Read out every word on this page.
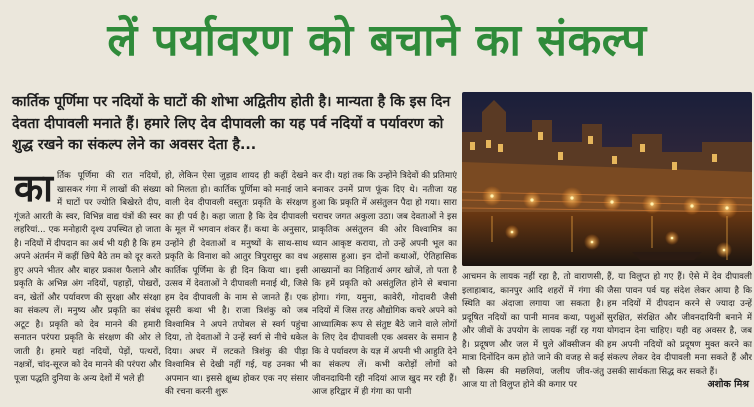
लें पर्यावरण को बचाने का संकल्प
कार्तिक पूर्णिमा पर नदियों के घाटों की शोभा अद्वितीय होती है। मान्यता है कि इस दिन देवता दीपावली मनाते हैं। हमारे लिए देव दीपावली का यह पर्व नदियों व पर्यावरण को शुद्ध रखने का संकल्प लेने का अवसर देता है...
का र्तिक पूर्णिमा की रात नदियों, खासकर गंगा में लाखों की संख्या में घाटों पर ज्योति बिखेरते दीप, गूंजते आरती के स्वर, विभिन्न वाद्य यंत्रों की स्वर लहरियां... एक मनोहारी दृश्य उपस्थित हो जाता है। नदियों में दीपदान का अर्थ भी यही है कि हम अपने अंतर्मन में कहीं छिपे बैठे तम को दूर करते हुए अपने भीतर और बाहर प्रकाश फैलाने और प्रकृति के अभिन्न अंग नदियों, पहाड़ों, पोखरों, वन, खेतों और पर्यावरण की सुरक्षा और संरक्षा का संकल्प लें। मनुष्य और प्रकृति का संबंध अटूट है। प्रकृति को देव मानने की हमारी सनातन परंपरा प्रकृति के संरक्षण की ओर ले जाती है। हमारे यहां नदियों, पेड़ों, पत्थरों, नक्षत्रों, चांद-सूरज को देव मानने की परंपरा और पूजा पद्धति दुनिया के अन्य देशों में भले ही

हो, लेकिन ऐसा जुड़ाव शायद ही कहीं देखने को मिलता हो। कार्तिक पूर्णिमा को मनाई जाने वाली देव दीपावली वस्तुतः प्रकृति के संरक्षण का ही पर्व है। कहा जाता है कि देव दीपावली के मूल में भगवान शंकर हैं। कथा के अनुसार, उन्होंने ही देवताओं व मनुष्यों के साथ-साथ प्रकृति के विनाश को आतुर त्रिपुरासुर का वध कार्तिक पूर्णिमा के ही दिन किया था। इसी उत्सव में देवताओं ने दीपावली मनाई थी, जिसे हम देव दीपावली के नाम से जानते हैं। एक दूसरी कथा भी है। राजा त्रिशंकु को जब विश्वामित्र ने अपने तपोबल से स्वर्ग पहुंचा दिया, तो देवताओं ने उन्हें स्वर्ग से नीचे धकेल दिया। अधर में लटकते त्रिशंकु की पीड़ा विश्वामित्र से देखी नहीं गई, यह उनका भी अपमान था। इससे क्षुब्ध होकर एक नए संसार की रचना करनी शुरू

कर दी। यहां तक कि उन्होंने त्रिदेवों की प्रतिमाएं बनाकर उनमें प्राण फूंक दिए थे। नतीजा यह हुआ कि प्रकृति में असंतुलन पैदा हो गया। सारा चराचर जगत अकुला उठा। जब देवताओं ने इस प्राकृतिक असंतुलन की ओर विश्वामित्र का ध्यान आकृष्ट कराया, तो उन्हें अपनी भूल का अहसास हुआ। इन दोनों कथाओं, ऐतिहासिक आख्यानों का निहितार्थ अगर खोजें, तो पता है कि हमें प्रकृति को असंतुलित होने से बचाना होगा। गंगा, यमुना, कावेरी, गोदावरी जैसी नदियों में जिस तरह औद्योगिक कचरे अपने को आध्यात्मिक रूप से संतुष्ट बैठे जाने वाले लोगों के लिए देव दीपावली एक अवसर के समान है कि वे पर्यावरण के यज्ञ में अपनी भी आहुति देने का संकल्प लें। कभी करोड़ों लोगों को जीवनदायिनी रही नदियां आज खुद मर रही हैं। आज हरिद्वार में ही गंगा का पानी

आचमन के लायक नहीं रहा है, तो वाराणसी, इलाहाबाद, कानपुर आदि शहरों में गंगा की स्थिति का अंदाजा लगाया जा सकता है। प्रदूषित नदियों का पानी मानव कथा, पशुओं और जीवों के उपयोग के लायक नहीं रह गया है। प्रदूषण और जल में घुले ऑक्सीजन की मात्रा दिनोंदिन कम होते जाने की वजह से कई सौ किस्म की मछलियां, जलीय जीव-जंतु आज या तो विलुप्त होने की कगार पर

हैं, या विलुप्त हो गए हैं। ऐसे में देव दीपावली जैसा पावन पर्व यह संदेश लेकर आया है कि हम नदियों में दीपदान करने से ज्यादा उन्हें सुरक्षित, संरक्षित और जीवनदायिनी बनाने में योगदान देना चाहिए। यही वह अवसर है, जब हम अपनी नदियों को प्रदूषण मुक्त करने का संकल्प लेकर देव दीपावली मना सकते हैं और उसकी सार्थकता सिद्ध कर सकते हैं।

अशोक मिश्र
